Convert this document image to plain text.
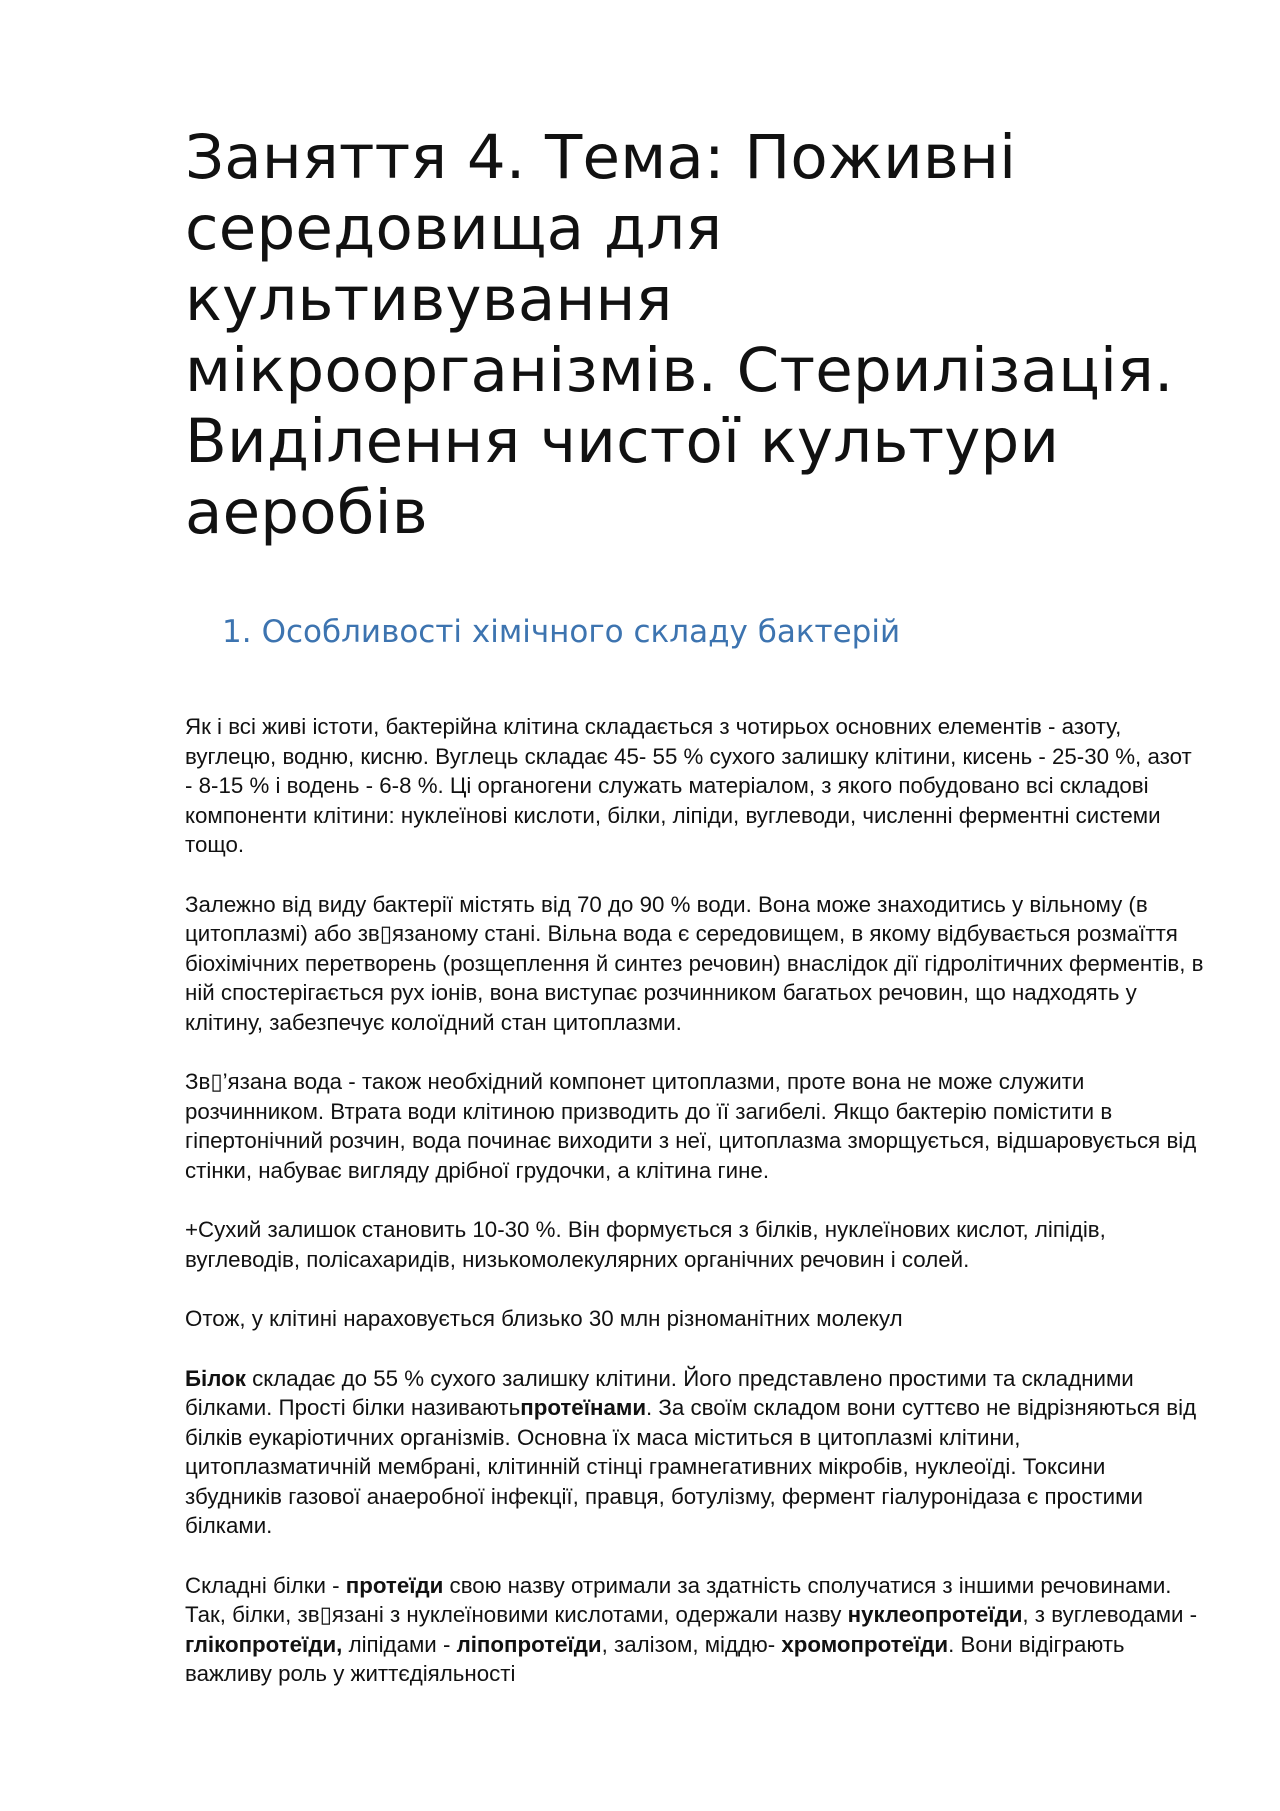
Заняття 4. Тема: Поживні середовища для культивування мікроорганізмів. Стерилізація. Виділення чистої культури аеробів
1. Особливості хімічного складу бактерій

Як і всі живі істоти, бактерійна клітина складається з чотирьох основних елементів - азоту, вуглецю, водню, кисню. Вуглець складає 45- 55 % сухого залишку клітини, кисень - 25-30 %, азот - 8-15 % і водень - 6-8 %. Ці органогени служать матеріалом, з якого побудовано всі складові компоненти клітини: нуклеїнові кислоти, білки, ліпіди, вуглеводи, численні ферментні системи тощо.

Залежно від виду бактерії містять від 70 до 90 % води. Вона може знаходитись у вільному (в цитоплазмі) або зв▯язаному стані. Вільна вода є середовищем, в якому відбувається розмаїття біохімічних перетворень (розщеплення й синтез речовин) внаслідок дії гідролітичних ферментів, в ній спостерігається рух іонів, вона виступає розчинником багатьох речовин, що надходять у клітину, забезпечує колоїдний стан цитоплазми.

Зв▯’язана вода - також необхідний компонет цитоплазми, проте вона не може служити розчинником. Втрата води клітиною призводить до її загибелі. Якщо бактерію помістити в гіпертонічний розчин, вода починає виходити з неї, цитоплазма зморщується, відшаровується від стінки, набуває вигляду дрібної грудочки, а клітина гине.

+Сухий залишок становить 10-30 %. Він формується з білків, нуклеїнових кислот, ліпідів, вуглеводів, полісахаридів, низькомолекулярних органічних речовин і солей.

Отож, у клітині нараховується близько 30 млн різноманітних молекул

Білок складає до 55 % сухого залишку клітини. Його представлено простими та складними білками. Прості білки називаютьпротеїнами. За своїм складом вони суттєво не відрізняються від білків еукаріотичних організмів. Основна їх маса міститься в цитоплазмі клітини, цитоплазматичній мембрані, клітинній стінці грамнегативних мікробів, нуклеоїді. Токсини збудників газової анаеробної інфекції, правця, ботулізму, фермент гіалуронідаза є простими білками.

Складні білки - протеїди свою назву отримали за здатність сполучатися з іншими речовинами. Так, білки, зв▯язані з нуклеїновими кислотами, одержали назву нуклеопротеїди, з вуглеводами - глікопротеїди, ліпідами - ліпопротеїди, залізом, міддю- хромопротеїди. Вони відіграють важливу роль у життєдіяльності
